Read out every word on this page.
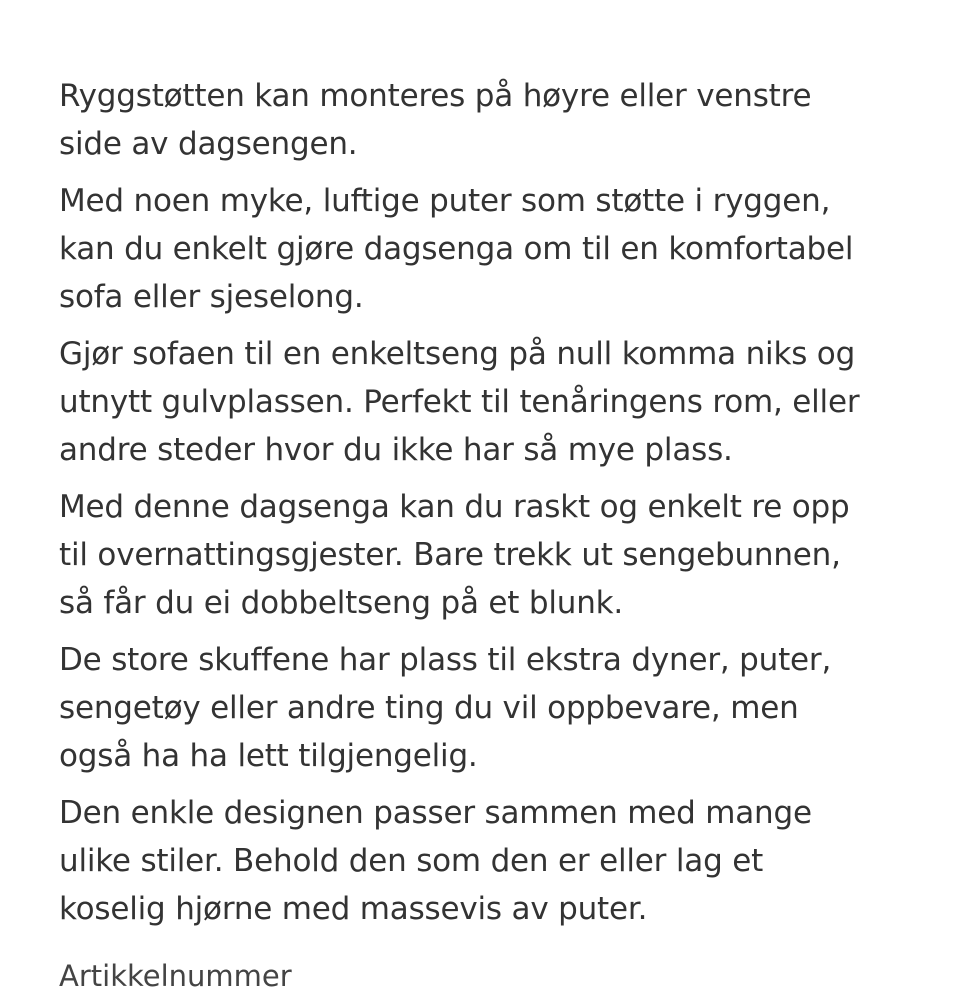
Ryggstøtten kan monteres på høyre eller venstre
side av dagsengen.

Med noen myke, luftige puter som støtte i ryggen,
kan du enkelt gjøre dagsenga om til en komfortabel
sofa eller sjeselong.

Gjør sofaen til en enkeltseng på null komma niks og
utnytt gulvplassen. Perfekt til tenåringens rom, eller
andre steder hvor du ikke har så mye plass.

Med denne dagsenga kan du raskt og enkelt re opp
til overnattingsgjester. Bare trekk ut sengebunnen,
så får du ei dobbeltseng på et blunk.

De store skuffene har plass til ekstra dyner, puter,
sengetøy eller andre ting du vil oppbevare, men
også ha ha lett tilgjengelig.

Den enkle designen passer sammen med mange
ulike stiler. Behold den som den er eller lag et
koselig hjørne med massevis av puter.

Artikkelnummer
